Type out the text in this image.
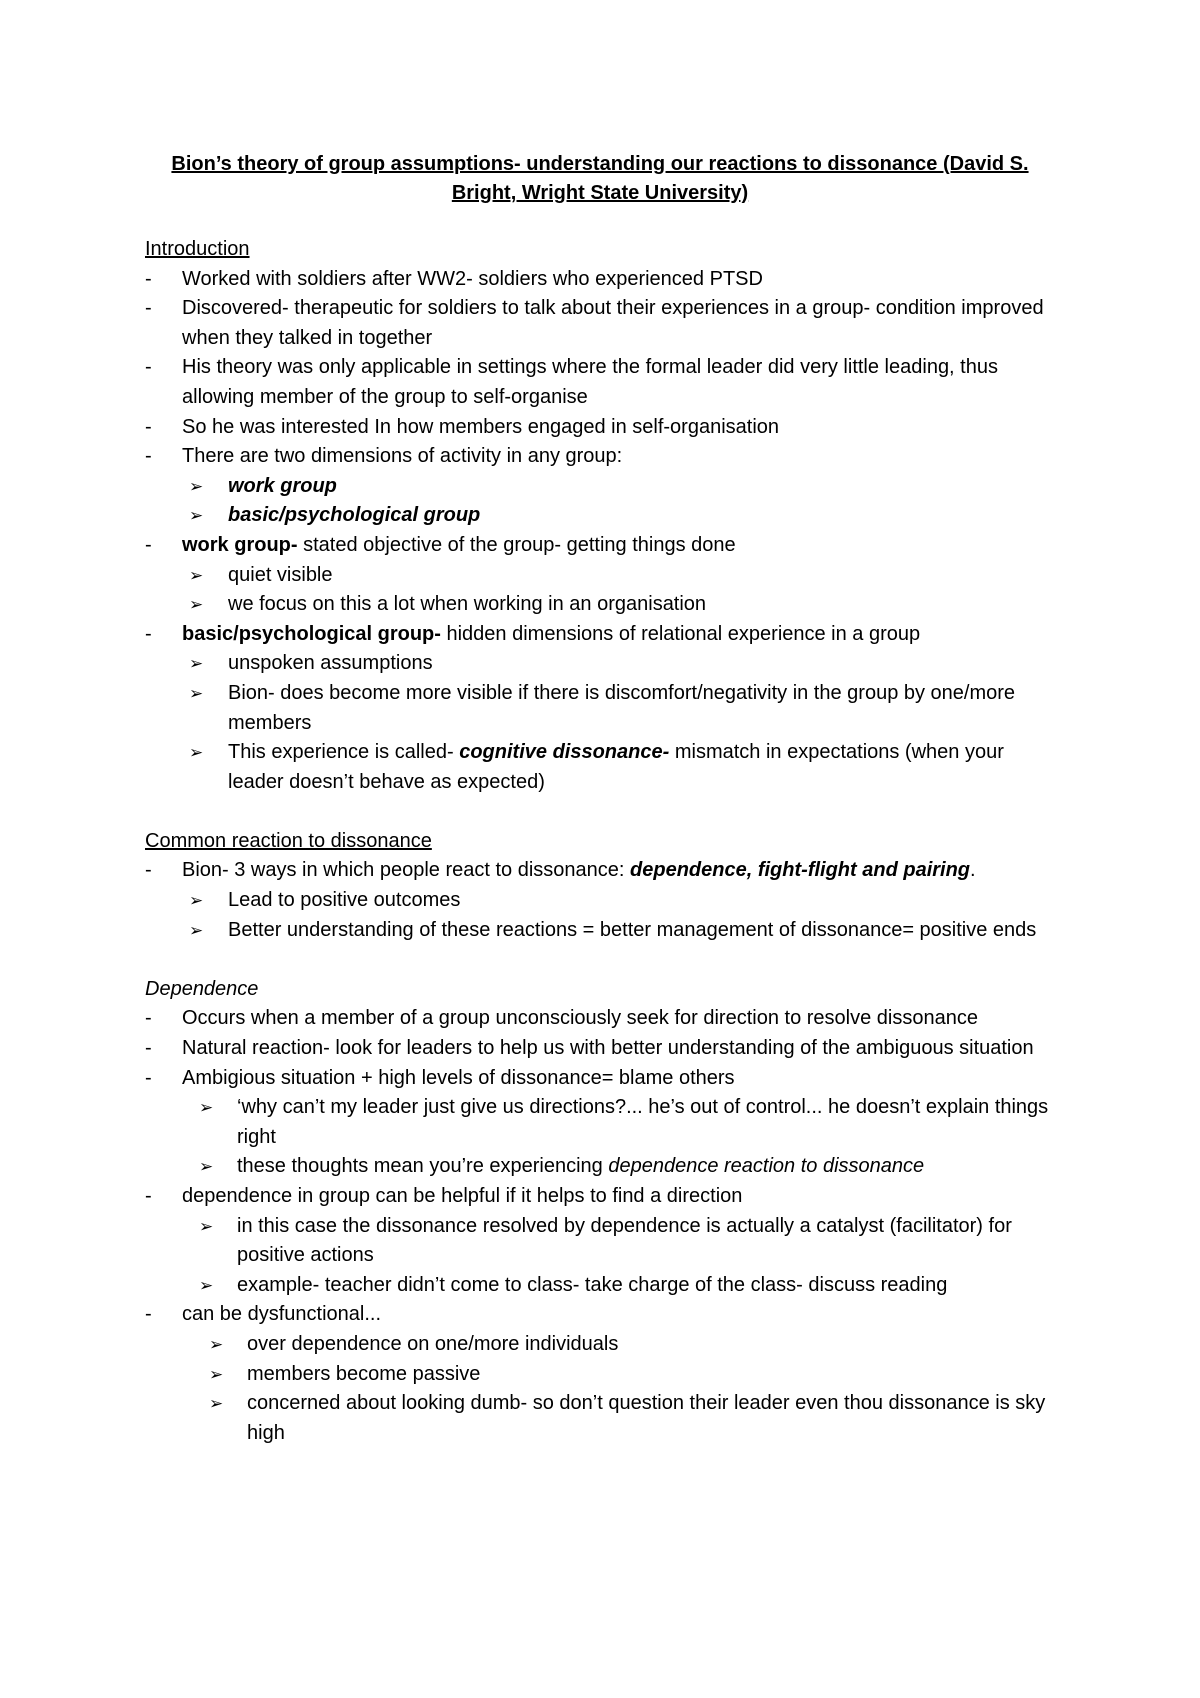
Bion’s theory of group assumptions- understanding our reactions to dissonance (David S. Bright, Wright State University)
Introduction
-	Worked with soldiers after WW2- soldiers who experienced PTSD
-	Discovered- therapeutic for soldiers to talk about their experiences in a group- condition improved when they talked in together
-	His theory was only applicable in settings where the formal leader did very little leading, thus allowing member of the group to self-organise
-	So he was interested In how members engaged in self-organisation
-	There are two dimensions of activity in any group:
➢ work group
➢ basic/psychological group
-	work group- stated objective of the group- getting things done
➢ quiet visible
➢ we focus on this a lot when working in an organisation
-	basic/psychological group- hidden dimensions of relational experience in a group
➢ unspoken assumptions
➢ Bion- does become more visible if there is discomfort/negativity in the group by one/more members
➢ This experience is called- cognitive dissonance- mismatch in expectations (when your leader doesn’t behave as expected)
Common reaction to dissonance
-	Bion- 3 ways in which people react to dissonance: dependence, fight-flight and pairing.
➢ Lead to positive outcomes
➢ Better understanding of these reactions = better management of dissonance= positive ends
Dependence
-	Occurs when a member of a group unconsciously seek for direction to resolve dissonance
-	Natural reaction- look for leaders to help us with better understanding of the ambiguous situation
-	Ambigious situation + high levels of dissonance= blame others
➢ ‘why can’t my leader just give us directions?... he’s out of control... he doesn’t explain things right
➢ these thoughts mean you’re experiencing dependence reaction to dissonance
-	dependence in group can be helpful if it helps to find a direction
➢ in this case the dissonance resolved by dependence is actually a catalyst (facilitator) for positive actions
➢ example- teacher didn’t come to class- take charge of the class- discuss reading
-	can be dysfunctional...
➢ over dependence on one/more individuals
➢ members become passive
➢ concerned about looking dumb- so don’t question their leader even thou dissonance is sky high
